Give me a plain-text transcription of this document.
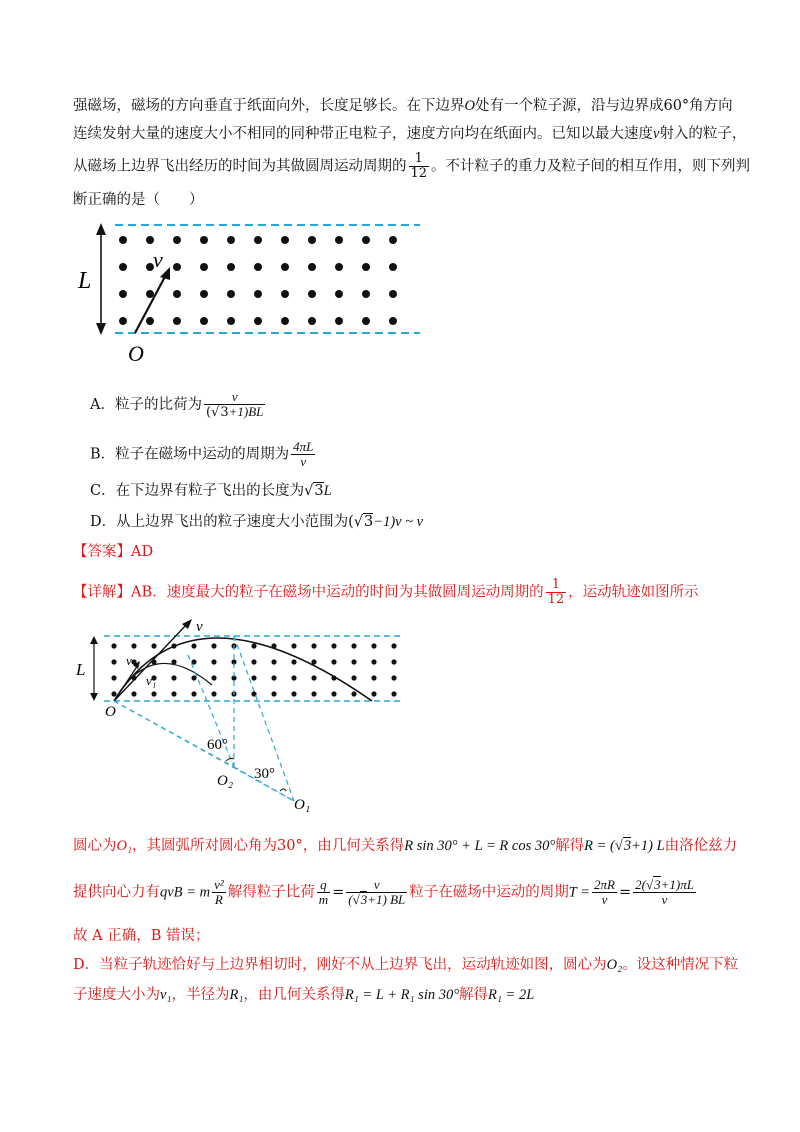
强磁场，磁场的方向垂直于纸面向外，长度足够长。在下边界O处有一个粒子源，沿与边界成60°角方向
连续发射大量的速度大小不相同的同种带正电粒子，速度方向均在纸面内。已知以最大速度v射入的粒子，
从磁场上边界飞出经历的时间为其做圆周运动周期的 $\frac{1}{12}$ 。不计粒子的重力及粒子间的相互作用，则下列判
断正确的是（　　）
L
v
O
A．粒子的比荷为 $\frac{v}{(√3+1)BL}$
B．粒子在磁场中运动的周期为 $\frac{4\pi L}{v}$
C．在下边界有粒子飞出的长度为√3L
D．从上边界飞出的粒子速度大小范围为(√3−1)v ~ v
【答案】AD
【详解】AB．速度最大的粒子在磁场中运动的时间为其做圆周运动周期的 $\frac{1}{12}$ ，运动轨迹如图所示
L
v
v
v₁
O
60°
O₂ 30°
O₁
圆心为O₁，其圆弧所对圆心角为30°，由几何关系得R sin 30° + L = R cos 30°解得R = (√3+1) L由洛伦兹力
提供向心力有qvB = m $\frac{\text{v²}}{R}$ 解得粒子比荷 $\frac{q}{m} = \frac{v}{(√3+1) BL}$ 粒子在磁场中运动的周期$T = \frac{2\pi R}{v} = \frac{2(√3+1)\pi L}{v}$
故 A 正确，B 错误；
D．当粒子轨迹恰好与上边界相切时，刚好不从上边界飞出，运动轨迹如图，圆心为O₂。设这种情况下粒
子速度大小为v₁，半径为R₁，由几何关系得R₁ = L + R₁ sin 30°解得R₁ = 2L
